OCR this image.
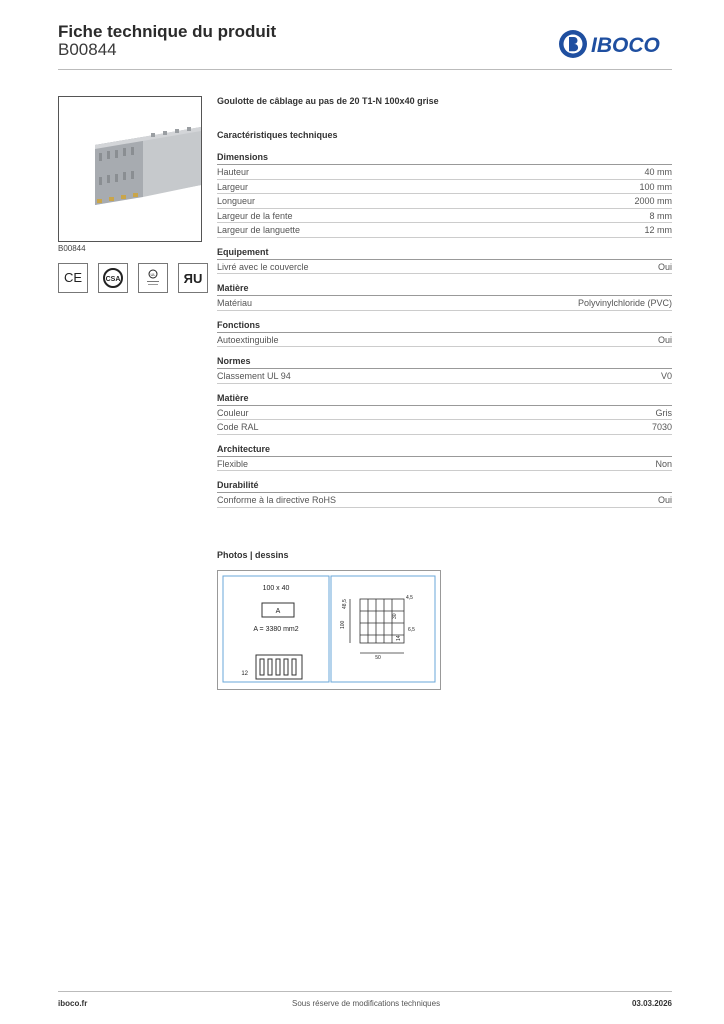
Fiche technique du produit
B00844	IBOCO
B00844
CE	CSA
UL ЯU
Goulotte de câblage au pas de 20 T1-N 100x40 grise
Caractéristiques techniques
Dimensions
Hauteur	40 mm
Largeur	100 mm
Longueur	2000 mm
Largeur de la fente	8 mm
Largeur de languette	12 mm
Equipement
Livré avec le couvercle	Oui
Matière
Matériau	Polyvinylchloride (PVC)
Fonctions
Autoextinguible	Oui
Normes
Classement UL 94	V0
Matière
Couleur	Gris
Code RAL	7030
Architecture
Flexible	Non
Durabilité
Conforme à la directive RoHS	Oui
Photos | dessins
100 x 40
A
A = 3380 mm2
12
4,5
48,5
100
30
6,5
14
50
iboco.fr	Sous réserve de modifications techniques	03.03.2026
